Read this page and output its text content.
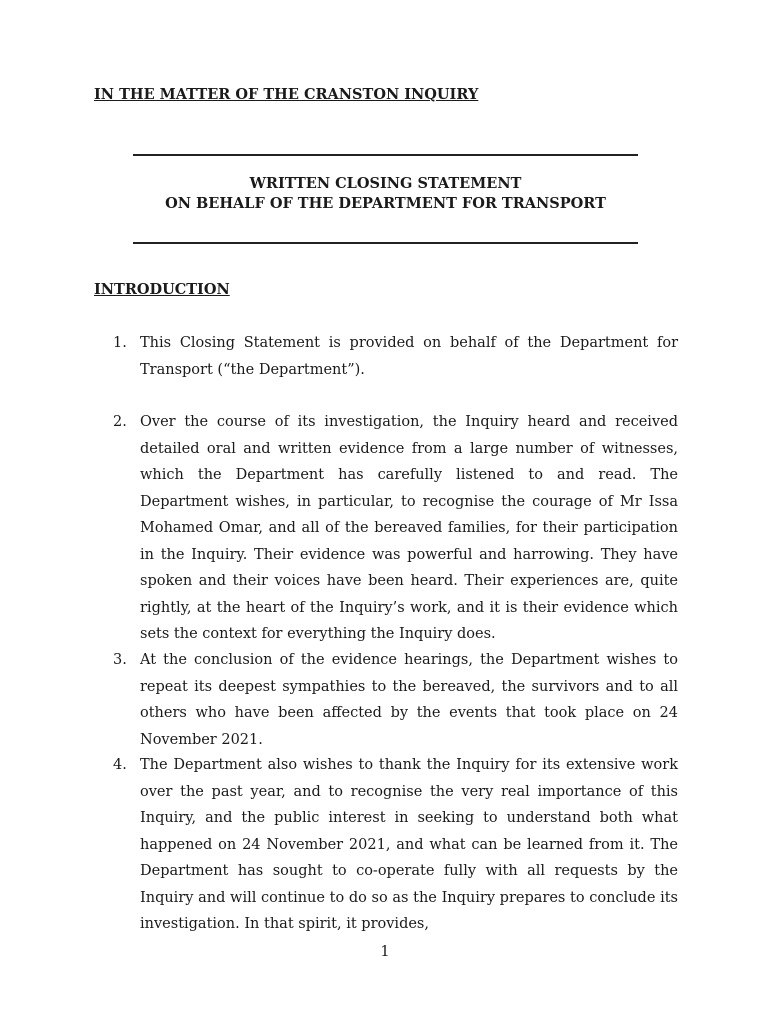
IN THE MATTER OF THE CRANSTON INQUIRY
WRITTEN CLOSING STATEMENT
ON BEHALF OF THE DEPARTMENT FOR TRANSPORT
INTRODUCTION
1. This Closing Statement is provided on behalf of the Department for Transport (“the Department”).
2. Over the course of its investigation, the Inquiry heard and received detailed oral and written evidence from a large number of witnesses, which the Department has carefully listened to and read. The Department wishes, in particular, to recognise the courage of Mr Issa Mohamed Omar, and all of the bereaved families, for their participation in the Inquiry. Their evidence was powerful and harrowing. They have spoken and their voices have been heard. Their experiences are, quite rightly, at the heart of the Inquiry’s work, and it is their evidence which sets the context for everything the Inquiry does.
3. At the conclusion of the evidence hearings, the Department wishes to repeat its deepest sympathies to the bereaved, the survivors and to all others who have been affected by the events that took place on 24 November 2021.
4. The Department also wishes to thank the Inquiry for its extensive work over the past year, and to recognise the very real importance of this Inquiry, and the public interest in seeking to understand both what happened on 24 November 2021, and what can be learned from it. The Department has sought to co-operate fully with all requests by the Inquiry and will continue to do so as the Inquiry prepares to conclude its investigation. In that spirit, it provides,
1
